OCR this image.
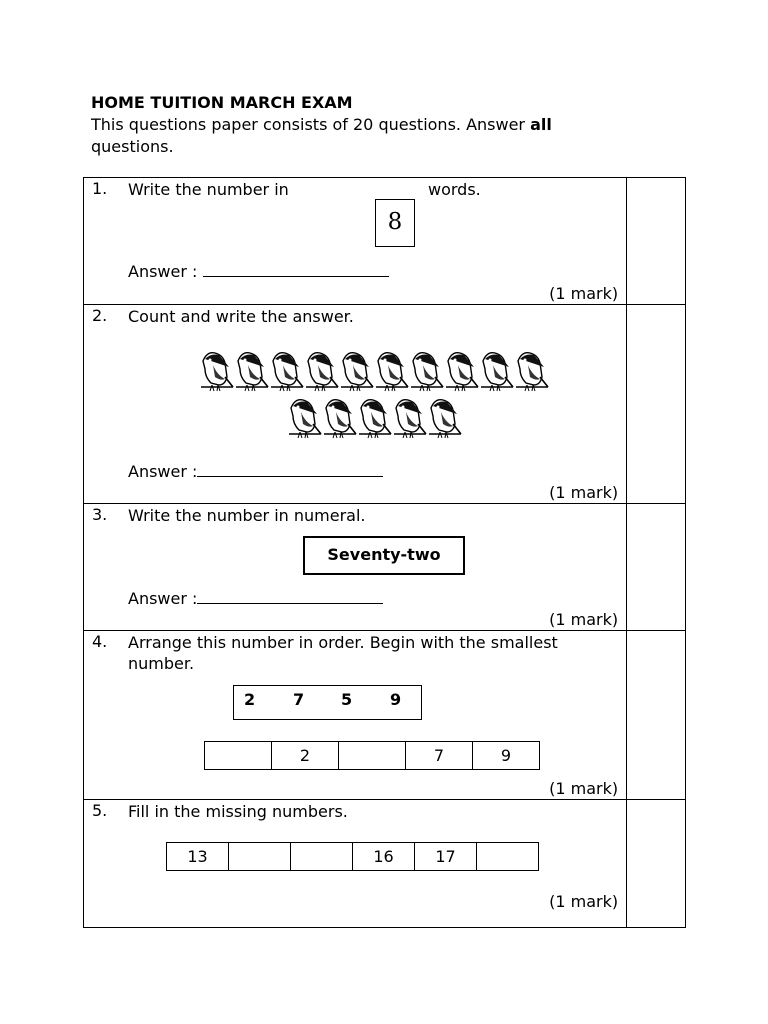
HOME TUITION MARCH EXAM
This questions paper consists of 20 questions. Answer all
questions.
1. Write the number in	words.
8
Answer :
(1 mark)

2. Count and write the answer.
Answer :
(1 mark)

3. Write the number in numeral.
Seventy-two
Answer :
(1 mark)

4. Arrange this number in order. Begin with the smallest
number.
2 7 5 9
	2		7	9
(1 mark)

5. Fill in the missing numbers.
13			16	17	
(1 mark)
